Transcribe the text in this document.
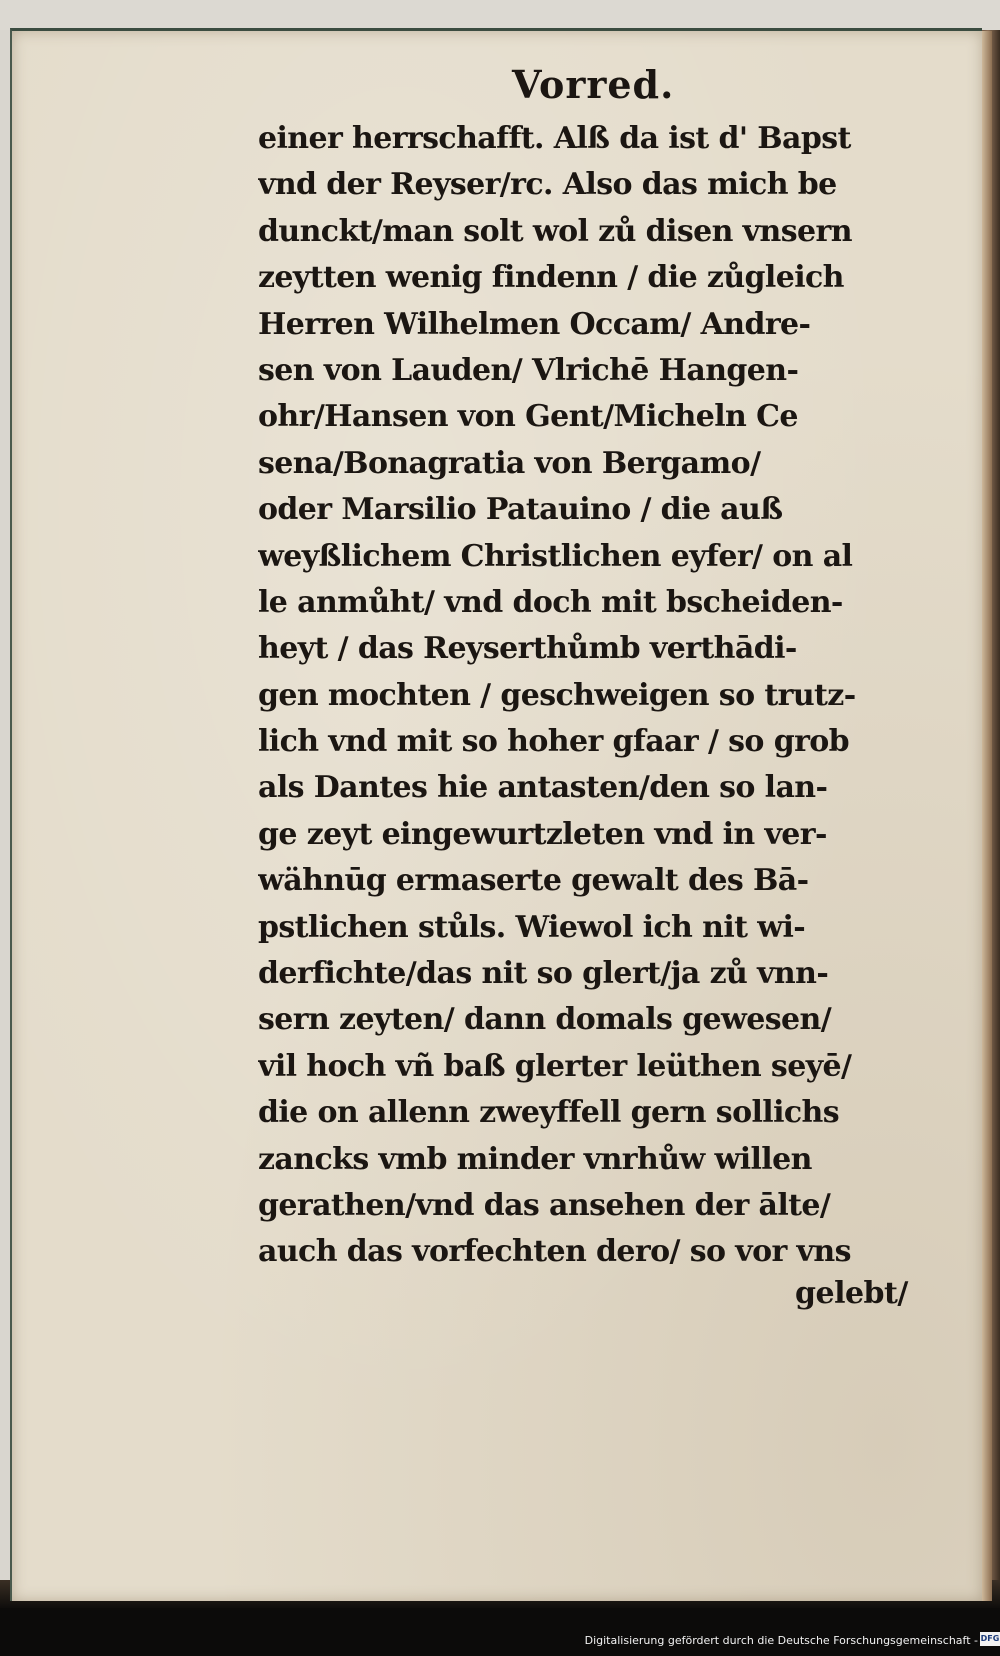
Vorred.
einer herrschafft. Alß da ist d' Bapst
vnd der Reyser/rc. Also das mich be
dunckt/man solt wol zů disen vnsern
zeytten wenig findenn / die zůgleich
Herren Wilhelmen Occam/ Andre-
sen von Lauden/ Vlrichē Hangen-
ohr/Hansen von Gent/Micheln Ce
sena/Bonagratia von Bergamo/
oder Marsilio Patauino / die auß
weyßlichem Christlichen eyfer/ on al
le anmůht/ vnd doch mit bscheiden-
heyt / das Reyserthůmb verthādi-
gen mochten / geschweigen so trutz-
lich vnd mit so hoher gfaar / so grob
als Dantes hie antasten/den so lan-
ge zeyt eingewurtzleten vnd in ver-
wähnūg ermaserte gewalt des Bā-
pstlichen stůls. Wiewol ich nit wi-
derfichte/das nit so glert/ja zů vnn-
sern zeyten/ dann domals gewesen/
vil hoch vñ baß glerter leüthen seyē/
die on allenn zweyffell gern sollichs
zancks vmb minder vnrhůw willen
gerathen/vnd das ansehen der ālte/
auch das vorfechten dero/ so vor vns
gelebt/
Digitalisierung gefördert durch die Deutsche Forschungsgemeinschaft - DFG
